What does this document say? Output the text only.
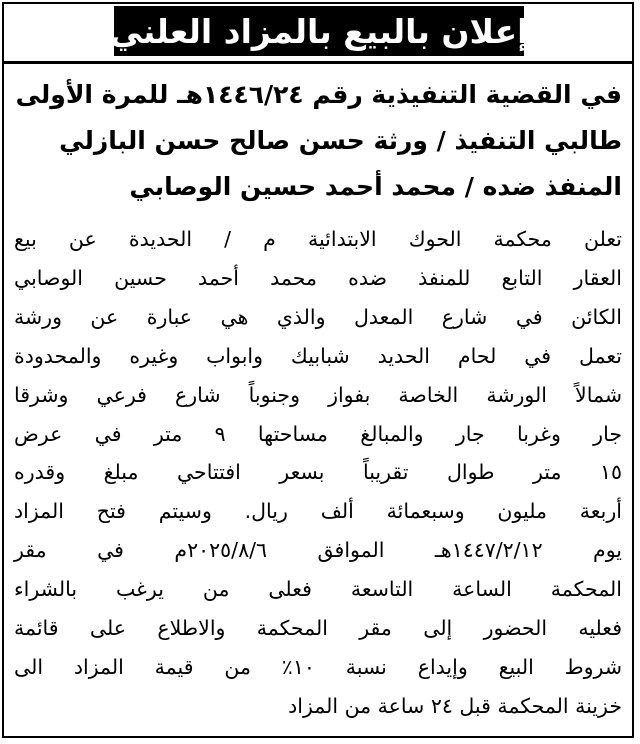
إعلان بالبيع بالمزاد العلني
في القضية التنفيذية رقم ١٤٤٦/٢٤هـ للمرة الأولى
طالبي التنفيذ / ورثة حسن صالح حسن البازلي
المنفذ ضده / محمد أحمد حسين الوصابي
تعلن محكمة الحوك الابتدائية م / الحديدة عن بيع
العقار التابع للمنفذ ضده محمد أحمد حسين الوصابي
الكائن في شارع المعدل والذي هي عبارة عن ورشة
تعمل في لحام الحديد شبابيك وابواب وغيره والمحدودة
شمالاً الورشة الخاصة بفواز وجنوباً شارع فرعي وشرقا
جار وغربا جار والمبالغ مساحتها ٩ متر في عرض
١٥ متر طوال تقريباً بسعر افتتاحي مبلغ وقدره
أربعة مليون وسبعمائة ألف ريال. وسيتم فتح المزاد
يوم ١٤٤٧/٢/١٢هـ الموافق ٢٠٢٥/٨/٦م في مقر
المحكمة الساعة التاسعة فعلى من يرغب بالشراء
فعليه الحضور إلى مقر المحكمة والاطلاع على قائمة
شروط البيع وإيداع نسبة ١٠٪ من قيمة المزاد الى
خزينة المحكمة قبل ٢٤ ساعة من المزاد
